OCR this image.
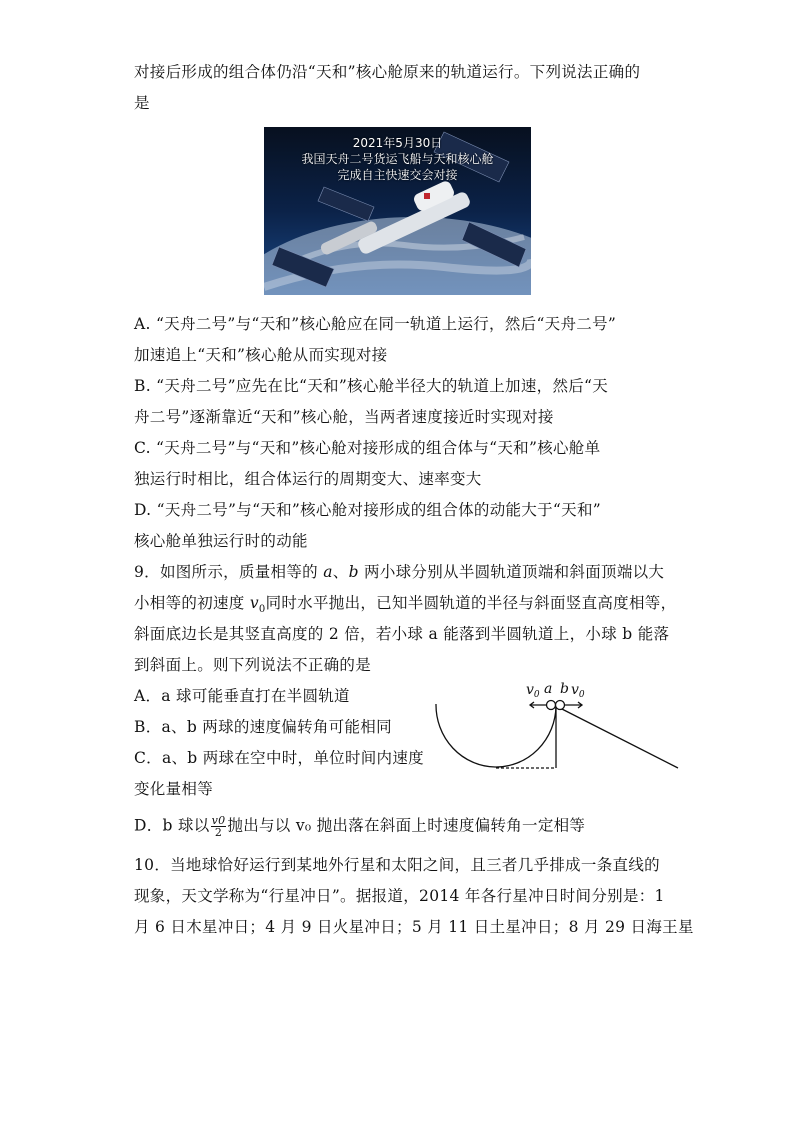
对接后形成的组合体仍沿“天和”核心舱原来的轨道运行。下列说法正确的
是
2021年5月30日
我国天舟二号货运飞船与天和核心舱
完成自主快速交会对接
A. “天舟二号”与“天和”核心舱应在同一轨道上运行，然后“天舟二号”
加速追上“天和”核心舱从而实现对接
B. “天舟二号”应先在比“天和”核心舱半径大的轨道上加速，然后“天
舟二号”逐渐靠近“天和”核心舱，当两者速度接近时实现对接
C. “天舟二号”与“天和”核心舱对接形成的组合体与“天和”核心舱单
独运行时相比，组合体运行的周期变大、速率变大
D. “天舟二号”与“天和”核心舱对接形成的组合体的动能大于“天和”
核心舱单独运行时的动能
9．如图所示，质量相等的 a、b 两小球分别从半圆轨道顶端和斜面顶端以大
小相等的初速度 $v_0$同时水平抛出，已知半圆轨道的半径与斜面竖直高度相等，
斜面底边长是其竖直高度的 2 倍，若小球 a 能落到半圆轨道上，小球 b 能落
到斜面上。则下列说法不正确的是
A．a 球可能垂直打在半圆轨道
B．a、b 两球的速度偏转角可能相同
C．a、b 两球在空中时，单位时间内速度
变化量相等
D．b 球以 $\frac{v0}{2}$ 抛出与以 v₀ 抛出落在斜面上时速度偏转角一定相等
$v_0$ a b $v_0$
10．当地球恰好运行到某地外行星和太阳之间，且三者几乎排成一条直线的
现象，天文学称为“行星冲日”。据报道，2014 年各行星冲日时间分别是：1
月 6 日木星冲日；4 月 9 日火星冲日；5 月 11 日土星冲日；8 月 29 日海王星
